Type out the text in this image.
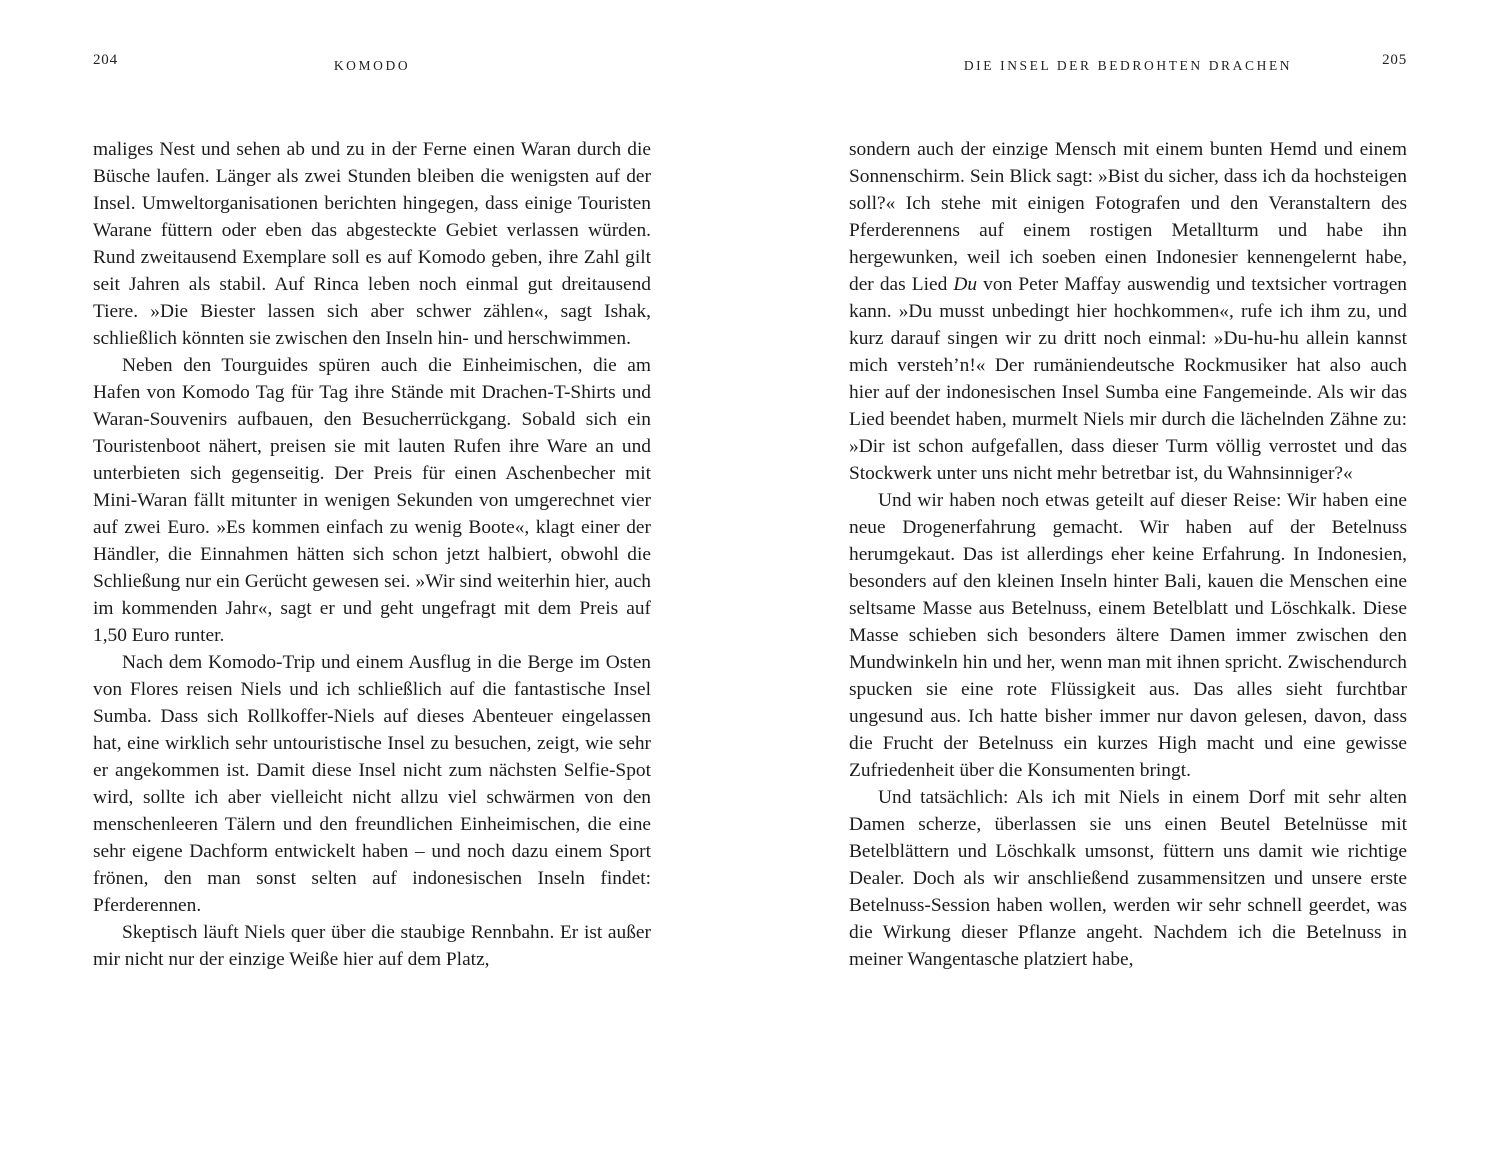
204	KOMODO	DIE INSEL DER BEDROHTEN DRACHEN	205

maliges Nest und sehen ab und zu in der Ferne einen Waran durch die Büsche laufen. Länger als zwei Stunden bleiben die wenigsten auf der Insel. Umweltorganisationen berichten hingegen, dass einige Touristen Warane füttern oder eben das abgesteckte Gebiet verlassen würden. Rund zweitausend Exemplare soll es auf Komodo geben, ihre Zahl gilt seit Jahren als stabil. Auf Rinca leben noch einmal gut dreitausend Tiere. »Die Biester lassen sich aber schwer zählen«, sagt Ishak, schließlich könnten sie zwischen den Inseln hin- und herschwimmen.

Neben den Tourguides spüren auch die Einheimischen, die am Hafen von Komodo Tag für Tag ihre Stände mit Drachen-T-Shirts und Waran-Souvenirs aufbauen, den Besucherrückgang. Sobald sich ein Touristenboot nähert, preisen sie mit lauten Rufen ihre Ware an und unterbieten sich gegenseitig. Der Preis für einen Aschenbecher mit Mini-Waran fällt mitunter in wenigen Sekunden von umgerechnet vier auf zwei Euro. »Es kommen einfach zu wenig Boote«, klagt einer der Händler, die Einnahmen hätten sich schon jetzt halbiert, obwohl die Schließung nur ein Gerücht gewesen sei. »Wir sind weiterhin hier, auch im kommenden Jahr«, sagt er und geht ungefragt mit dem Preis auf 1,50 Euro runter.

Nach dem Komodo-Trip und einem Ausflug in die Berge im Osten von Flores reisen Niels und ich schließlich auf die fantastische Insel Sumba. Dass sich Rollkoffer-Niels auf dieses Abenteuer eingelassen hat, eine wirklich sehr untouristische Insel zu besuchen, zeigt, wie sehr er angekommen ist. Damit diese Insel nicht zum nächsten Selfie-Spot wird, sollte ich aber vielleicht nicht allzu viel schwärmen von den menschenleeren Tälern und den freundlichen Einheimischen, die eine sehr eigene Dachform entwickelt haben – und noch dazu einem Sport frönen, den man sonst selten auf indonesischen Inseln findet: Pferderennen.

Skeptisch läuft Niels quer über die staubige Rennbahn. Er ist außer mir nicht nur der einzige Weiße hier auf dem Platz,

sondern auch der einzige Mensch mit einem bunten Hemd und einem Sonnenschirm. Sein Blick sagt: »Bist du sicher, dass ich da hochsteigen soll?« Ich stehe mit einigen Fotografen und den Veranstaltern des Pferderennens auf einem rostigen Metallturm und habe ihn hergewunken, weil ich soeben einen Indonesier kennengelernt habe, der das Lied Du von Peter Maffay auswendig und textsicher vortragen kann. »Du musst unbedingt hier hochkommen«, rufe ich ihm zu, und kurz darauf singen wir zu dritt noch einmal: »Du-hu-hu allein kannst mich versteh’n!« Der rumäniendeutsche Rockmusiker hat also auch hier auf der indonesischen Insel Sumba eine Fangemeinde. Als wir das Lied beendet haben, murmelt Niels mir durch die lächelnden Zähne zu: »Dir ist schon aufgefallen, dass dieser Turm völlig verrostet und das Stockwerk unter uns nicht mehr betretbar ist, du Wahnsinniger?«

Und wir haben noch etwas geteilt auf dieser Reise: Wir haben eine neue Drogenerfahrung gemacht. Wir haben auf der Betelnuss herumgekaut. Das ist allerdings eher keine Erfahrung. In Indonesien, besonders auf den kleinen Inseln hinter Bali, kauen die Menschen eine seltsame Masse aus Betelnuss, einem Betelblatt und Löschkalk. Diese Masse schieben sich besonders ältere Damen immer zwischen den Mundwinkeln hin und her, wenn man mit ihnen spricht. Zwischendurch spucken sie eine rote Flüssigkeit aus. Das alles sieht furchtbar ungesund aus. Ich hatte bisher immer nur davon gelesen, davon, dass die Frucht der Betelnuss ein kurzes High macht und eine gewisse Zufriedenheit über die Konsumenten bringt.

Und tatsächlich: Als ich mit Niels in einem Dorf mit sehr alten Damen scherze, überlassen sie uns einen Beutel Betelnüsse mit Betelblättern und Löschkalk umsonst, füttern uns damit wie richtige Dealer. Doch als wir anschließend zusammensitzen und unsere erste Betelnuss-Session haben wollen, werden wir sehr schnell geerdet, was die Wirkung dieser Pflanze angeht. Nachdem ich die Betelnuss in meiner Wangentasche platziert habe,
